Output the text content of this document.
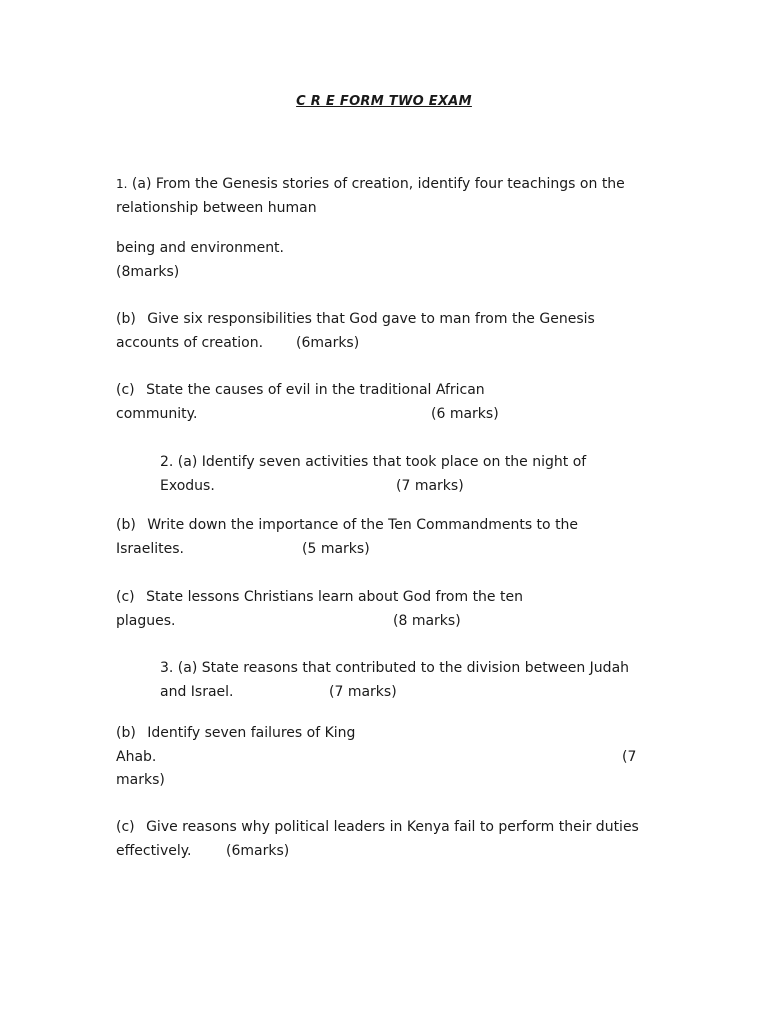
C R E FORM TWO EXAM
1. (a) From the Genesis stories of creation, identify four teachings on the
relationship between human
being and environment.
(8marks)
(b) Give six responsibilities that God gave to man from the Genesis
accounts of creation. (6marks)
(c) State the causes of evil in the traditional African
community.	(6 marks)
2. (a) Identify seven activities that took place on the night of
Exodus.	(7 marks)
(b) Write down the importance of the Ten Commandments to the
Israelites.	(5 marks)
(c) State lessons Christians learn about God from the ten
plagues.	(8 marks)
3. (a) State reasons that contributed to the division between Judah
and Israel.	(7 marks)
(b) Identify seven failures of King
Ahab.	(7
marks)
(c) Give reasons why political leaders in Kenya fail to perform their duties
effectively. (6marks)
